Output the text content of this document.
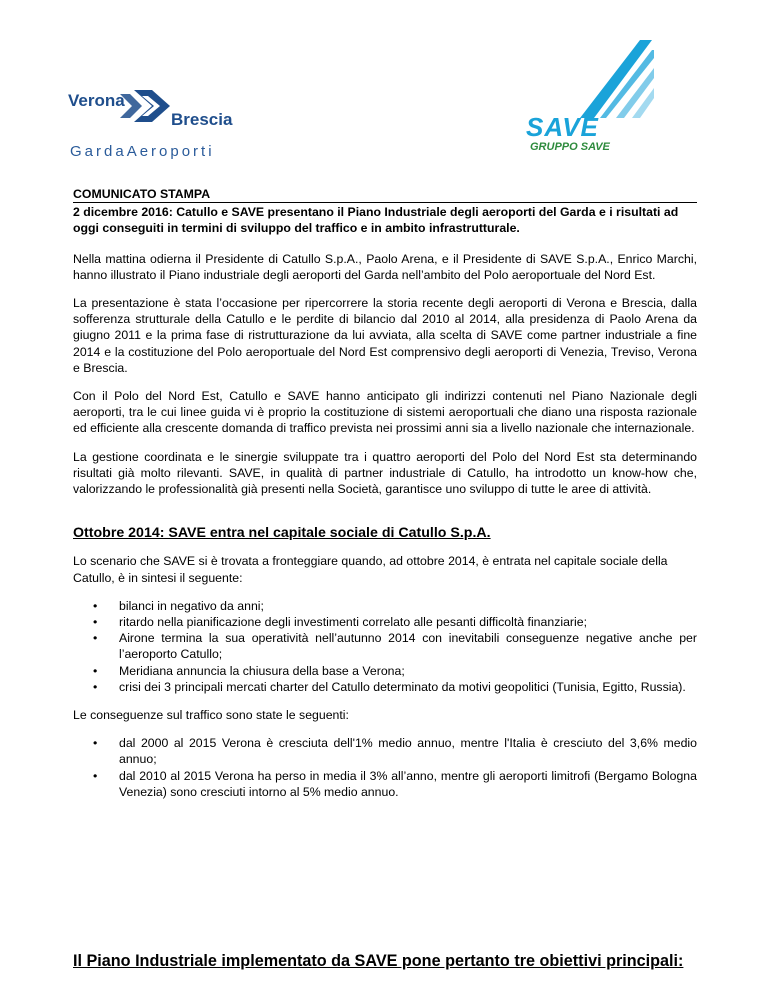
Verona
Brescia
GardaAeroporti
SAVE
GRUPPO SAVE
COMUNICATO STAMPA
2 dicembre 2016: Catullo e SAVE presentano il Piano Industriale degli aeroporti del Garda e i risultati ad oggi conseguiti in termini di sviluppo del traffico e in ambito infrastrutturale.

Nella mattina odierna il Presidente di Catullo S.p.A., Paolo Arena, e il Presidente di SAVE S.p.A., Enrico Marchi, hanno illustrato il Piano industriale degli aeroporti del Garda nell’ambito del Polo aeroportuale del Nord Est.

La presentazione è stata l’occasione per ripercorrere la storia recente degli aeroporti di Verona e Brescia, dalla sofferenza strutturale della Catullo e le perdite di bilancio dal 2010 al 2014, alla presidenza di Paolo Arena da giugno 2011 e la prima fase di ristrutturazione da lui avviata, alla scelta di SAVE come partner industriale a fine 2014 e la costituzione del Polo aeroportuale del Nord Est comprensivo degli aeroporti di Venezia, Treviso, Verona e Brescia.

Con il Polo del Nord Est, Catullo e SAVE hanno anticipato gli indirizzi contenuti nel Piano Nazionale degli aeroporti, tra le cui linee guida vi è proprio la costituzione di sistemi aeroportuali che diano una risposta razionale ed efficiente alla crescente domanda di traffico prevista nei prossimi anni sia a livello nazionale che internazionale.

La gestione coordinata e le sinergie sviluppate tra i quattro aeroporti del Polo del Nord Est sta determinando risultati già molto rilevanti. SAVE, in qualità di partner industriale di Catullo, ha introdotto un know-how che, valorizzando le professionalità già presenti nella Società, garantisce uno sviluppo di tutte le aree di attività.

Ottobre 2014: SAVE entra nel capitale sociale di Catullo S.p.A.

Lo scenario che SAVE si è trovata a fronteggiare quando, ad ottobre 2014, è entrata nel capitale sociale della Catullo, è in sintesi il seguente:

• bilanci in negativo da anni;
• ritardo nella pianificazione degli investimenti correlato alle pesanti difficoltà finanziarie;
• Airone termina la sua operatività nell’autunno 2014 con inevitabili conseguenze negative anche per l’aeroporto Catullo;
• Meridiana annuncia la chiusura della base a Verona;
• crisi dei 3 principali mercati charter del Catullo determinato da motivi geopolitici (Tunisia, Egitto, Russia).

Le conseguenze sul traffico sono state le seguenti:

• dal 2000 al 2015 Verona è cresciuta dell'1% medio annuo, mentre l'Italia è cresciuto del 3,6% medio annuo;
• dal 2010 al 2015 Verona ha perso in media il 3% all’anno, mentre gli aeroporti limitrofi (Bergamo Bologna Venezia) sono cresciuti intorno al 5% medio annuo.
Il Piano Industriale implementato da SAVE pone pertanto tre obiettivi principali:
